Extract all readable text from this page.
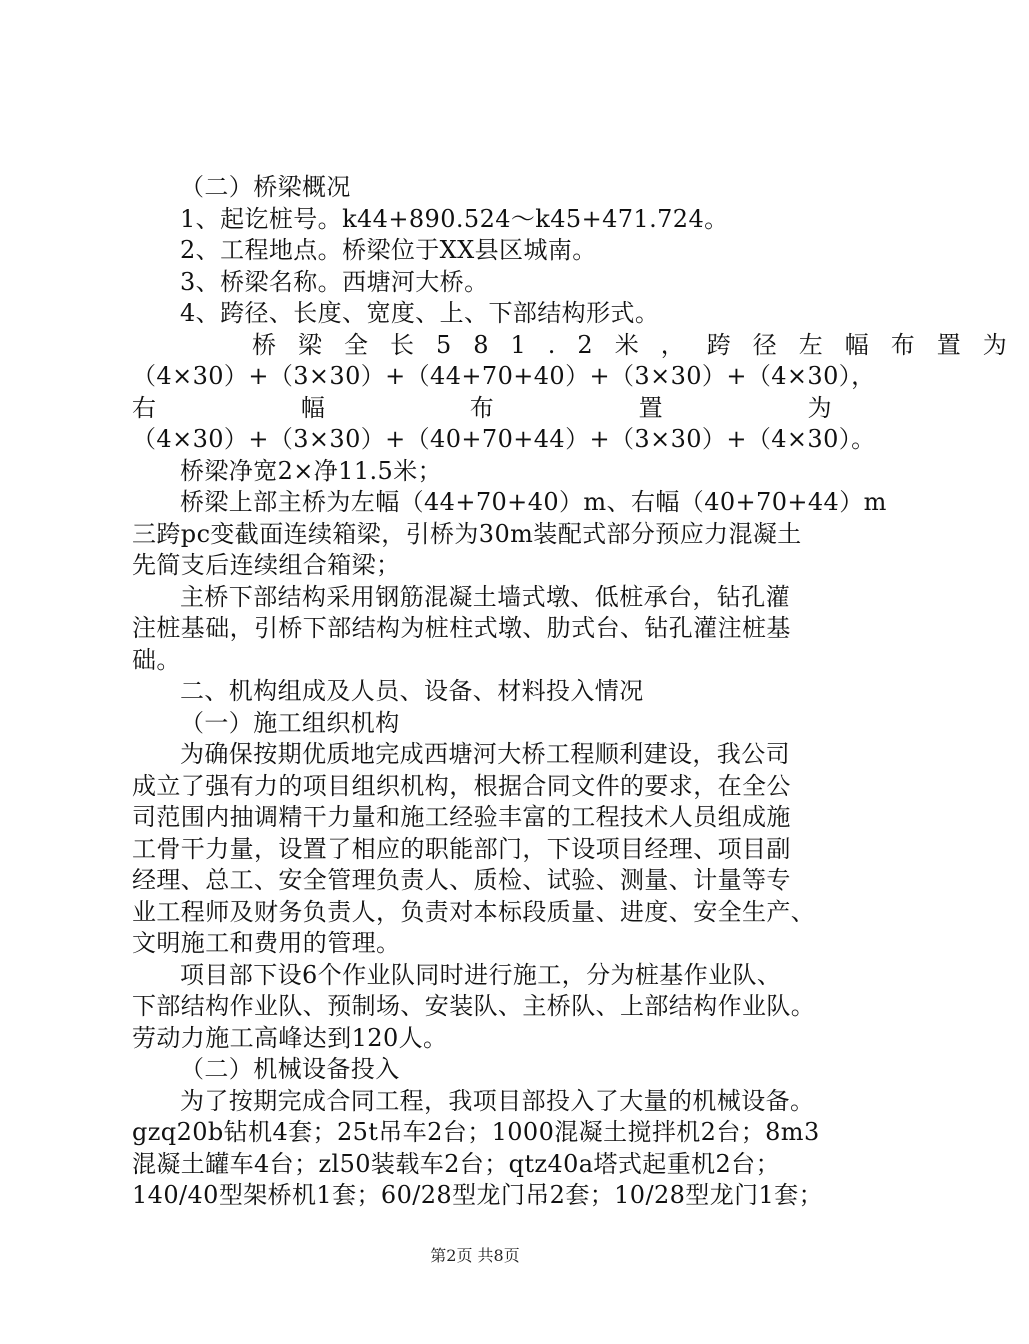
（二）桥梁概况
1、起讫桩号。k44+890.524～k45+471.724。
2、工程地点。桥梁位于XX县区城南。
3、桥梁名称。西塘河大桥。
4、跨径、长度、宽度、上、下部结构形式。
桥梁全长581.2米，跨径左幅布置为
（4×30）+（3×30）+（44+70+40）+（3×30）+（4×30），
右	幅	布	置	为
（4×30）+（3×30）+（40+70+44）+（3×30）+（4×30）。
桥梁净宽2×净11.5米；
桥梁上部主桥为左幅（44+70+40）m、右幅（40+70+44）m
三跨pc变截面连续箱梁，引桥为30m装配式部分预应力混凝土
先简支后连续组合箱梁；
主桥下部结构采用钢筋混凝土墙式墩、低桩承台，钻孔灌
注桩基础，引桥下部结构为桩柱式墩、肋式台、钻孔灌注桩基
础。
二、机构组成及人员、设备、材料投入情况
（一）施工组织机构
为确保按期优质地完成西塘河大桥工程顺利建设，我公司
成立了强有力的项目组织机构，根据合同文件的要求，在全公
司范围内抽调精干力量和施工经验丰富的工程技术人员组成施
工骨干力量，设置了相应的职能部门，下设项目经理、项目副
经理、总工、安全管理负责人、质检、试验、测量、计量等专
业工程师及财务负责人，负责对本标段质量、进度、安全生产、
文明施工和费用的管理。
项目部下设6个作业队同时进行施工，分为桩基作业队、
下部结构作业队、预制场、安装队、主桥队、上部结构作业队。
劳动力施工高峰达到120人。
（二）机械设备投入
为了按期完成合同工程，我项目部投入了大量的机械设备。
gzq20b钻机4套；25t吊车2台；1000混凝土搅拌机2台；8m3
混凝土罐车4台；zl50装载车2台；qtz40a塔式起重机2台；
140/40型架桥机1套；60/28型龙门吊2套；10/28型龙门1套；
第2页 共8页
